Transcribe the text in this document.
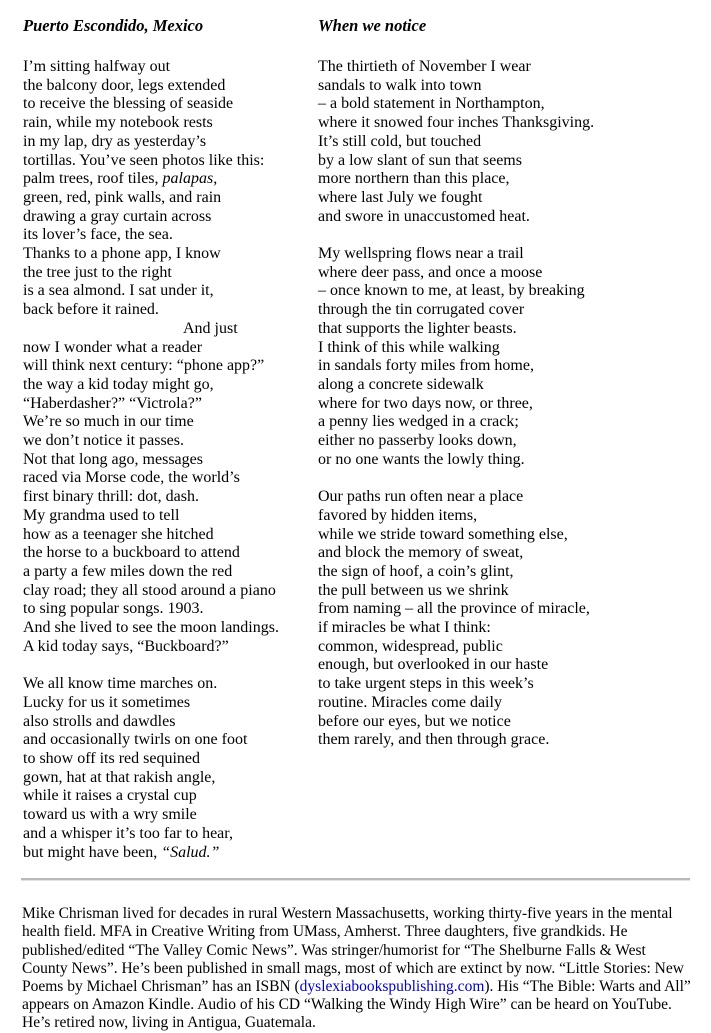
Puerto Escondido, Mexico
I’m sitting halfway out
the balcony door, legs extended
to receive the blessing of seaside
rain, while my notebook rests
in my lap, dry as yesterday’s
tortillas. You’ve seen photos like this:
palm trees, roof tiles, palapas,
green, red, pink walls, and rain
drawing a gray curtain across
its lover’s face, the sea.
Thanks to a phone app, I know
the tree just to the right
is a sea almond. I sat under it,
back before it rained.
And just
now I wonder what a reader
will think next century: “phone app?”
the way a kid today might go,
“Haberdasher?” “Victrola?”
We’re so much in our time
we don’t notice it passes.
Not that long ago, messages
raced via Morse code, the world’s
first binary thrill: dot, dash.
My grandma used to tell
how as a teenager she hitched
the horse to a buckboard to attend
a party a few miles down the red
clay road; they all stood around a piano
to sing popular songs. 1903.
And she lived to see the moon landings.
A kid today says, “Buckboard?”
We all know time marches on.
Lucky for us it sometimes
also strolls and dawdles
and occasionally twirls on one foot
to show off its red sequined
gown, hat at that rakish angle,
while it raises a crystal cup
toward us with a wry smile
and a whisper it’s too far to hear,
but might have been, “Salud.”
When we notice
The thirtieth of November I wear
sandals to walk into town
– a bold statement in Northampton,
where it snowed four inches Thanksgiving.
It’s still cold, but touched
by a low slant of sun that seems
more northern than this place,
where last July we fought
and swore in unaccustomed heat.
My wellspring flows near a trail
where deer pass, and once a moose
– once known to me, at least, by breaking
through the tin corrugated cover
that supports the lighter beasts.
I think of this while walking
in sandals forty miles from home,
along a concrete sidewalk
where for two days now, or three,
a penny lies wedged in a crack;
either no passerby looks down,
or no one wants the lowly thing.
Our paths run often near a place
favored by hidden items,
while we stride toward something else,
and block the memory of sweat,
the sign of hoof, a coin’s glint,
the pull between us we shrink
from naming – all the province of miracle,
if miracles be what I think:
common, widespread, public
enough, but overlooked in our haste
to take urgent steps in this week’s
routine. Miracles come daily
before our eyes, but we notice
them rarely, and then through grace.

Mike Chrisman lived for decades in rural Western Massachusetts, working thirty-five years in the mental health field. MFA in Creative Writing from UMass, Amherst. Three daughters, five grandkids. He published/edited “The Valley Comic News”. Was stringer/humorist for “The Shelburne Falls & West County News”. He’s been published in small mags, most of which are extinct by now. “Little Stories: New Poems by Michael Chrisman” has an ISBN (dyslexiabookspublishing.com). His “The Bible: Warts and All” appears on Amazon Kindle. Audio of his CD “Walking the Windy High Wire” can be heard on YouTube. He’s retired now, living in Antigua, Guatemala.
